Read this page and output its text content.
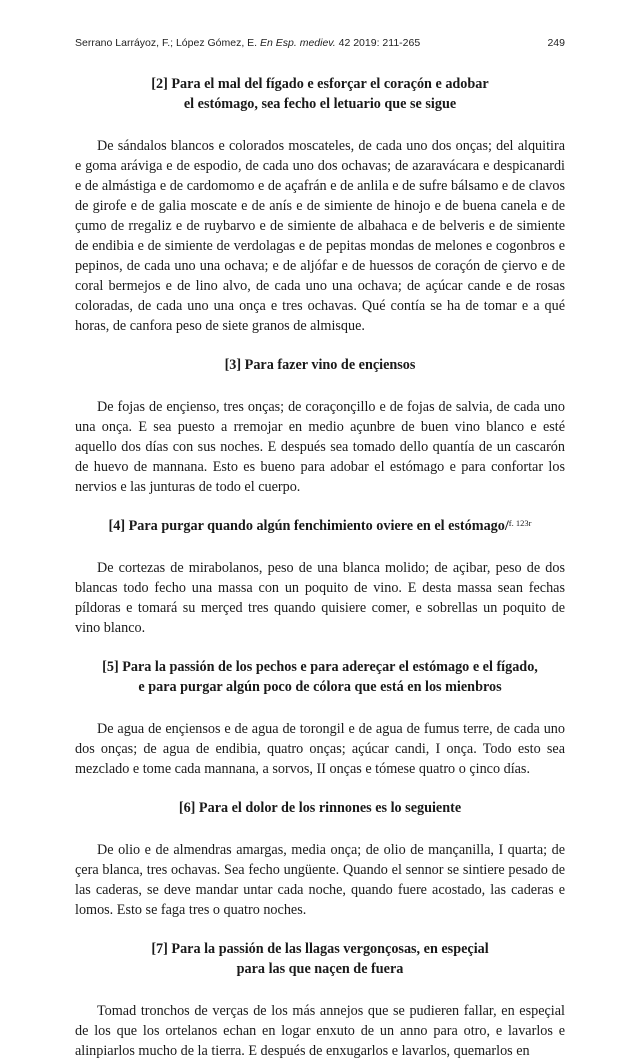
Serrano Larráyoz, F.; López Gómez, E. En Esp. mediev. 42 2019: 211-265	249
[2] Para el mal del fígado e esforçar el coraçón e adobar
el estómago, sea fecho el letuario que se sigue

De sándalos blancos e colorados moscateles, de cada uno dos onças; del alquitira e goma aráviga e de espodio, de cada uno dos ochavas; de azaravácara e despicanardi e de almástiga e de cardomomo e de açafrán e de anlila e de sufre bálsamo e de clavos de girofe e de galia moscate e de anís e de simiente de hinojo e de buena canela e de çumo de rregaliz e de ruybarvo e de simiente de albahaca e de belveris e de simiente de endibia e de simiente de verdolagas e de pepitas mondas de melones e cogonbros e pepinos, de cada uno una ochava; e de aljófar e de huessos de coraçón de çiervo e de coral bermejos e de lino alvo, de cada uno una ochava; de açúcar cande e de rosas coloradas, de cada uno una onça e tres ochavas. Qué contía se ha de tomar e a qué horas, de canfora peso de siete granos de almisque.

[3] Para fazer vino de ençiensos

De fojas de ençienso, tres onças; de coraçonçillo e de fojas de salvia, de cada uno una onça. E sea puesto a rremojar en medio açunbre de buen vino blanco e esté aquello dos días con sus noches. E después sea tomado dello quantía de un cascarón de huevo de mannana. Esto es bueno para adobar el estómago e para confortar los nervios e las junturas de todo el cuerpo.

[4] Para purgar quando algún fenchimiento oviere en el estómago/$^{f. 123r}$

De cortezas de mirabolanos, peso de una blanca molido; de açibar, peso de dos blancas todo fecho una massa con un poquito de vino. E desta massa sean fechas píldoras e tomará su merçed tres quando quisiere comer, e sobrellas un poquito de vino blanco.

[5] Para la passión de los pechos e para adereçar el estómago e el fígado,
e para purgar algún poco de cólora que está en los mienbros

De agua de ençiensos e de agua de torongil e de agua de fumus terre, de cada uno dos onças; de agua de endibia, quatro onças; açúcar candi, I onça. Todo esto sea mezclado e tome cada mannana, a sorvos, II onças e tómese quatro o çinco días.

[6] Para el dolor de los rinnones es lo seguiente

De olio e de almendras amargas, media onça; de olio de mançanilla, I quarta; de çera blanca, tres ochavas. Sea fecho ungüente. Quando el sennor se sintiere pesado de las caderas, se deve mandar untar cada noche, quando fuere acostado, las caderas e lomos. Esto se faga tres o quatro noches.

[7] Para la passión de las llagas vergonçosas, en espeçial
para las que naçen de fuera

Tomad tronchos de verças de los más annejos que se pudieren fallar, en espeçial de los que los ortelanos echan en logar enxuto de un anno para otro, e lavarlos e alinpiarlos mucho de la tierra. E después de enxugarlos e lavarlos, quemarlos en
